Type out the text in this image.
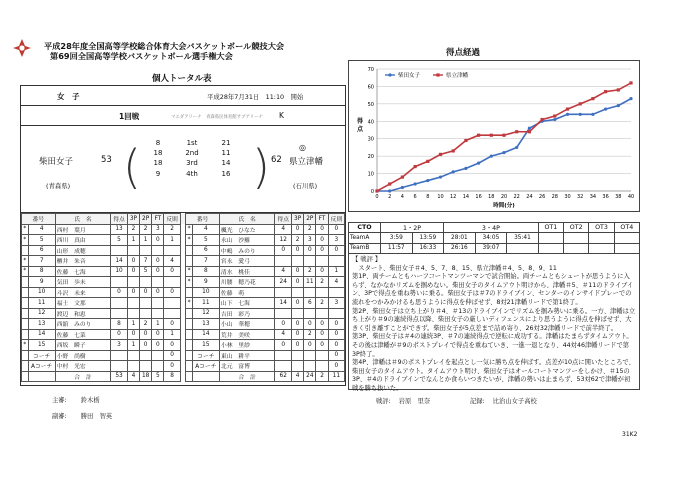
平成28年度全国高等学校総合体育大会バスケットボール競技大会
第69回全国高等学校バスケットボール選手権大会
個人トータル表
女　子	平成28年7月31日　11:10　開始
1回戦	マエダアリーナ　青森県民体育館サブアリーナ K
柴田女子
(青森県)
53 ( )
8	1st	21
18	2nd	11
18	3rd	14
9	4th	16
62
◎
県立津幡
(石川県)
番号		氏　名	得点	3P	2P	FT	反則		番号		氏　名	得点	3P	2P	FT	反則
*	4	西村　葉月	13	2	2	3	2		*	4	楓光　ひなた	4	0	2	0	0
*	5	西川　真由	5	1	1	0	1		*	5	永山　沙羅	12	2	3	0	3
	6	山形　成穂								6	中嶋　みのり	0	0	0	0	0
*	7	櫃井　朱音	14	0	7	0	4			7	宮永　愛弓					
*	8	佐藤　七海	10	0	5	0	0		*	8	清水　桃佳	4	0	2	0	1
	9	気田　歩未							*	9	川腰　穂乃花	24	0	11	2	4
	10	斗沢　未来	0	0	0	0	0			10	佐藤　萌					
	11	福士　文那							*	11	山下　七海	14	0	6	2	3
	12	渡辺　和恵								12	吉田　彩乃					
	13	西舘　みのり	8	1	2	1	0			13	小山　華穂	0	0	0	0	0
	14	佐藤　七菜	0	0	0	0	1			14	荒井　美咲	4	0	2	0	0
*	15	西坂　瞬子	3	1	0	0	0			15	小林　里紗	0	0	0	0	0
	コーチ	小野　尚樹					0			コーチ	東山　耕平					0
	Aコーチ	中村　光宏					0			Aコーチ	北元　富博					0
		合　計	53	4	18	5	8				合　計	62	4	24	2	11
主審: 鈴木栃
副審: 勝田　智英
得点経過
0
10
20
30
40
50
60
70
0 2 4 6 8 10 12 14 16 18 20 22 24 26 28 30 32 34 36 38 40
時間(分)
得
点
柴田女子	県立津幡
CTO	1・2P		3・4P			OT1	OT2	OT3	OT4
TeamA	3:59	13:59	28:01	34:05	35:41				
TeamB	11:57	16:33	26:16	39:07					

【 戦評 】

　スタート、柴田女子＃4、5、7、8、15、県立津幡＃4、5、8、9、11

第1P、両チームともハーフコートマンツーマンで試合開始。両チームともシュートが思うように入らず、なかなかリズムを掴めない。柴田女子のタイムアウト明けから、津幡＃5、＃11のドライブイン、3Pで得点を重ね勢いに乗る。柴田女子は＃7のドライブイン、センターのインサイドプレーでの流れをつかみかけるも思うように得点を伸ばせず、8対21津幡リードで第1終了。

第2P、柴田女子は立ち上がり＃4、＃13のドライブインでリズムを掴み勢いに乗る。一方、津幡は立ち上がり＃9の連続得点以降、柴田女子の厳しいディフェンスにより思うように得点を伸ばせず、大きく引き離すことができず。柴田女子が5点差まで詰め寄り、26対32津幡リードで前半終了。

第3P、柴田女子は＃4の連続3P、＃7の連続得点で逆転に成功する。津幡はたまらずタイムアウト。その後は津幡が＃9のポストプレイで得点を重ねていき、一進一退となり、44対46津幡リードで第3P終了。

第4P、津幡は＃9のポストプレイを起点とし一気に勝ち点を伸ばす。点差が10点に開いたところで、柴田女子のタイムアウト。タイムアウト明け、柴田女子はオールコートマンツーをしかけ、＃15の3P、＃4のドライブインでなんとか食らいつきたいが、津幡の勢いは止まらず、53対62で津幡が初戦を勝ち抜いた。

戦評: 岩原　里奈	記録: 比治山女子高校
31K2
